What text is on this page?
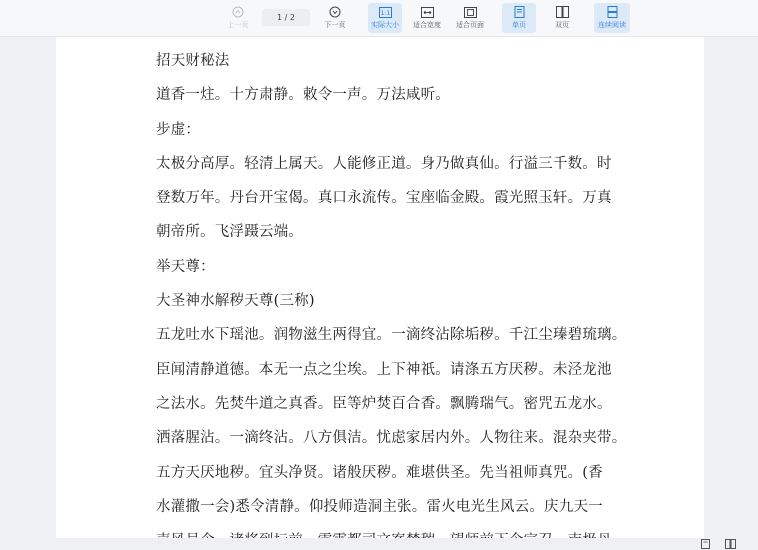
上一页
1 / 2
下一页
1:1
实际大小 适合宽度 适合页面	单页	双页	连续阅读
招天财秘法
道香一炷。十方肃静。敕令一声。万法咸听。
步虚：
太极分高厚。轻清上属天。人能修正道。身乃做真仙。行溢三千数。时
登数万年。丹台开宝偈。真口永流传。宝座临金殿。霞光照玉轩。万真
朝帝所。飞浮蹑云端。
举天尊：
大圣神水解秽天尊(三称)
五龙吐水下瑶池。润物滋生两得宜。一滴终沾除垢秽。千江尘瑧碧琉璃。
臣闻清静道德。本无一点之尘埃。上下神祇。请涤五方厌秽。未泾龙池
之法水。先焚牛道之真香。臣等炉焚百合香。飘腾瑞气。密咒五龙水。
洒落腥沾。一滴终沾。八方俱洁。忧虑家居内外。人物往来。混杂夹带。
五方天厌地秽。宜头净贤。诸般厌秽。难堪供圣。先当祖师真咒。(香
水灌撒一会)悉令清静。仰投师造洞主张。雷火电光生风云。庆九天一
